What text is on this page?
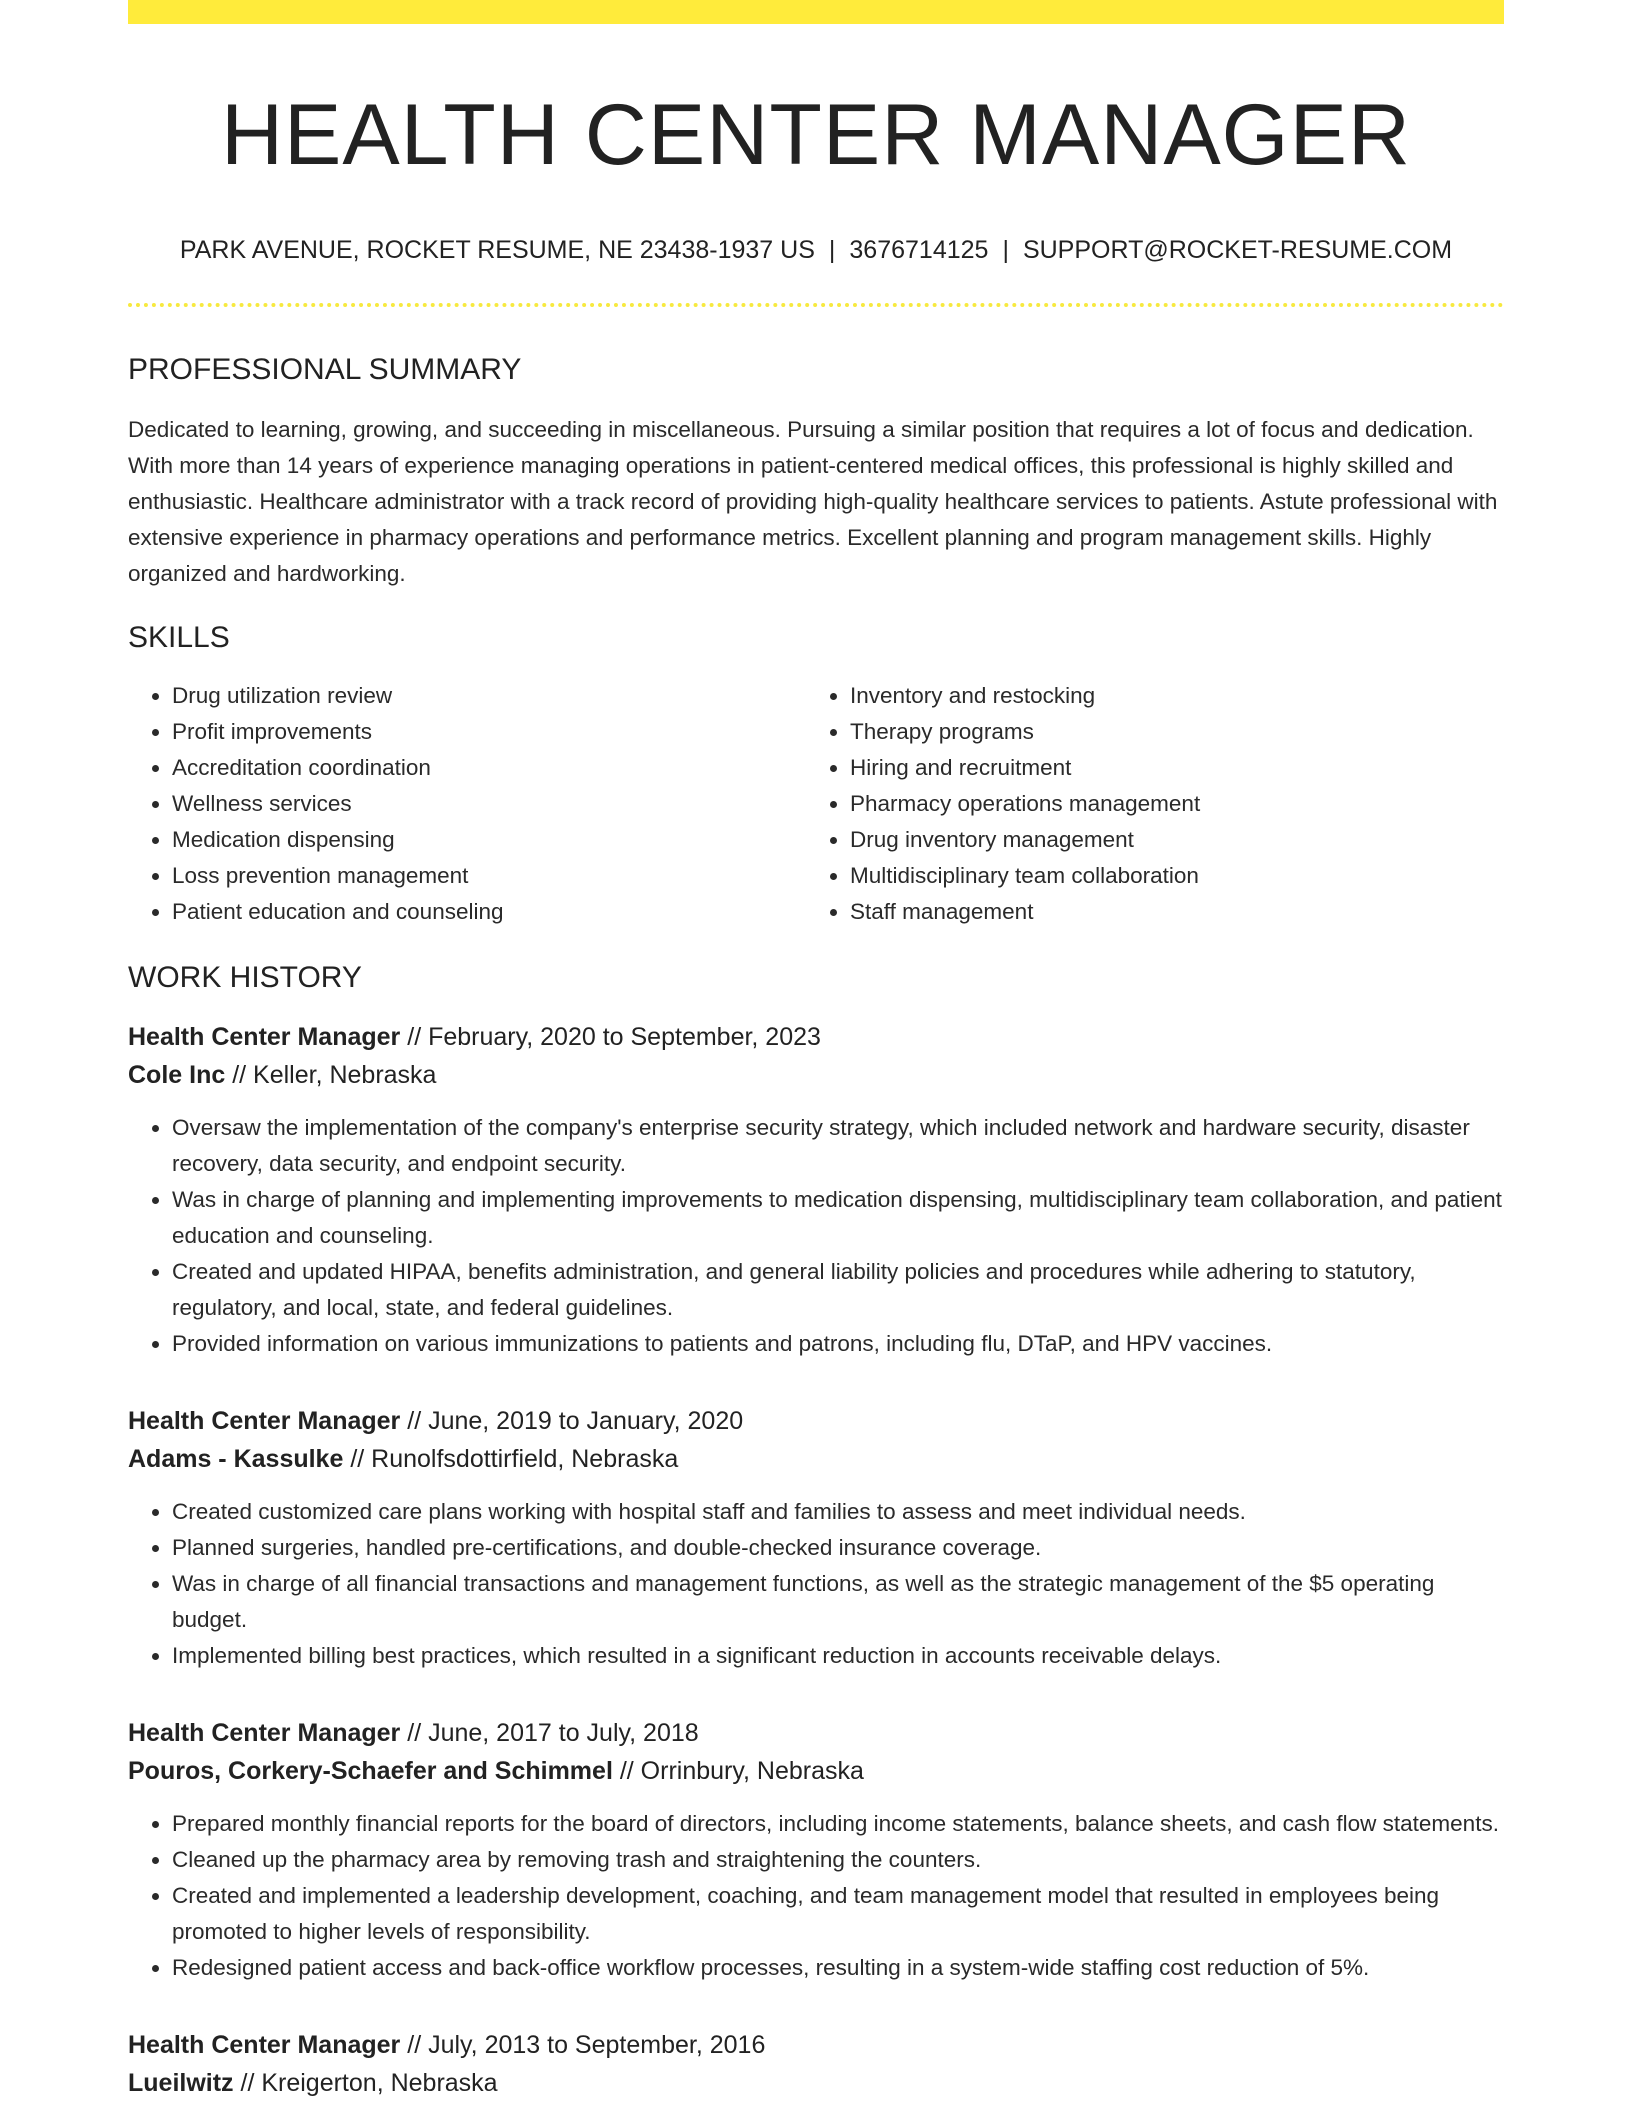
HEALTH CENTER MANAGER
PARK AVENUE, ROCKET RESUME, NE 23438-1937 US | 3676714125 | SUPPORT@ROCKET-RESUME.COM
PROFESSIONAL SUMMARY

Dedicated to learning, growing, and succeeding in miscellaneous. Pursuing a similar position that requires a lot of focus and dedication. With more than 14 years of experience managing operations in patient-centered medical offices, this professional is highly skilled and enthusiastic. Healthcare administrator with a track record of providing high-quality healthcare services to patients. Astute professional with extensive experience in pharmacy operations and performance metrics. Excellent planning and program management skills. Highly organized and hardworking.

SKILLS
• Drug utilization review
• Profit improvements
• Accreditation coordination
• Wellness services
• Medication dispensing
• Loss prevention management
• Patient education and counseling
• Inventory and restocking
• Therapy programs
• Hiring and recruitment
• Pharmacy operations management
• Drug inventory management
• Multidisciplinary team collaboration
• Staff management
WORK HISTORY
Health Center Manager // February, 2020 to September, 2023
Cole Inc // Keller, Nebraska
• Oversaw the implementation of the company's enterprise security strategy, which included network and hardware security, disaster recovery, data security, and endpoint security.
• Was in charge of planning and implementing improvements to medication dispensing, multidisciplinary team collaboration, and patient education and counseling.
• Created and updated HIPAA, benefits administration, and general liability policies and procedures while adhering to statutory, regulatory, and local, state, and federal guidelines.
• Provided information on various immunizations to patients and patrons, including flu, DTaP, and HPV vaccines.
Health Center Manager // June, 2019 to January, 2020
Adams - Kassulke // Runolfsdottirfield, Nebraska
• Created customized care plans working with hospital staff and families to assess and meet individual needs.
• Planned surgeries, handled pre-certifications, and double-checked insurance coverage.
• Was in charge of all financial transactions and management functions, as well as the strategic management of the $5 operating budget.
• Implemented billing best practices, which resulted in a significant reduction in accounts receivable delays.
Health Center Manager // June, 2017 to July, 2018
Pouros, Corkery-Schaefer and Schimmel // Orrinbury, Nebraska
• Prepared monthly financial reports for the board of directors, including income statements, balance sheets, and cash flow statements.
• Cleaned up the pharmacy area by removing trash and straightening the counters.
• Created and implemented a leadership development, coaching, and team management model that resulted in employees being promoted to higher levels of responsibility.
• Redesigned patient access and back-office workflow processes, resulting in a system-wide staffing cost reduction of 5%.
Health Center Manager // July, 2013 to September, 2016
Lueilwitz // Kreigerton, Nebraska
